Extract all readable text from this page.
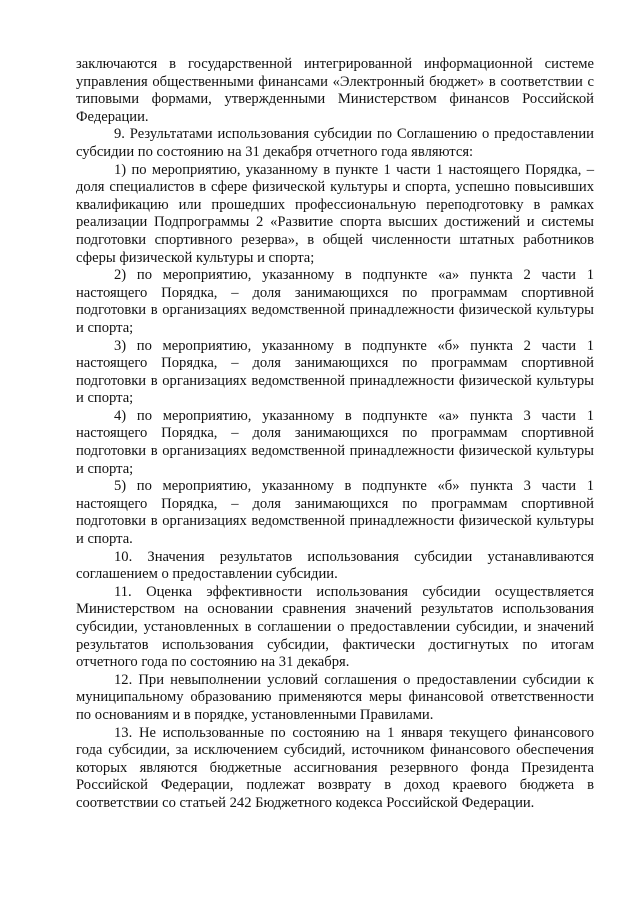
заключаются в государственной интегрированной информационной системе управления общественными финансами «Электронный бюджет» в соответствии с типовыми формами, утвержденными Министерством финансов Российской Федерации.

9. Результатами использования субсидии по Соглашению о предоставлении субсидии по состоянию на 31 декабря отчетного года являются:

1) по мероприятию, указанному в пункте 1 части 1 настоящего Порядка, – доля специалистов в сфере физической культуры и спорта, успешно повысивших квалификацию или прошедших профессиональную переподготовку в рамках реализации Подпрограммы 2 «Развитие спорта высших достижений и системы подготовки спортивного резерва», в общей численности штатных работников сферы физической культуры и спорта;

2) по мероприятию, указанному в подпункте «а» пункта 2 части 1 настоящего Порядка, – доля занимающихся по программам спортивной подготовки в организациях ведомственной принадлежности физической культуры и спорта;

3) по мероприятию, указанному в подпункте «б» пункта 2 части 1 настоящего Порядка, – доля занимающихся по программам спортивной подготовки в организациях ведомственной принадлежности физической культуры и спорта;

4) по мероприятию, указанному в подпункте «а» пункта 3 части 1 настоящего Порядка, – доля занимающихся по программам спортивной подготовки в организациях ведомственной принадлежности физической культуры и спорта;

5) по мероприятию, указанному в подпункте «б» пункта 3 части 1 настоящего Порядка, – доля занимающихся по программам спортивной подготовки в организациях ведомственной принадлежности физической культуры и спорта.

10. Значения результатов использования субсидии устанавливаются соглашением о предоставлении субсидии.

11. Оценка эффективности использования субсидии осуществляется Министерством на основании сравнения значений результатов использования субсидии, установленных в соглашении о предоставлении субсидии, и значений результатов использования субсидии, фактически достигнутых по итогам отчетного года по состоянию на 31 декабря.

12. При невыполнении условий соглашения о предоставлении субсидии к муниципальному образованию применяются меры финансовой ответственности по основаниям и в порядке, установленными Правилами.

13. Не использованные по состоянию на 1 января текущего финансового года субсидии, за исключением субсидий, источником финансового обеспечения которых являются бюджетные ассигнования резервного фонда Президента Российской Федерации, подлежат возврату в доход краевого бюджета в соответствии со статьей 242 Бюджетного кодекса Российской Федерации.
